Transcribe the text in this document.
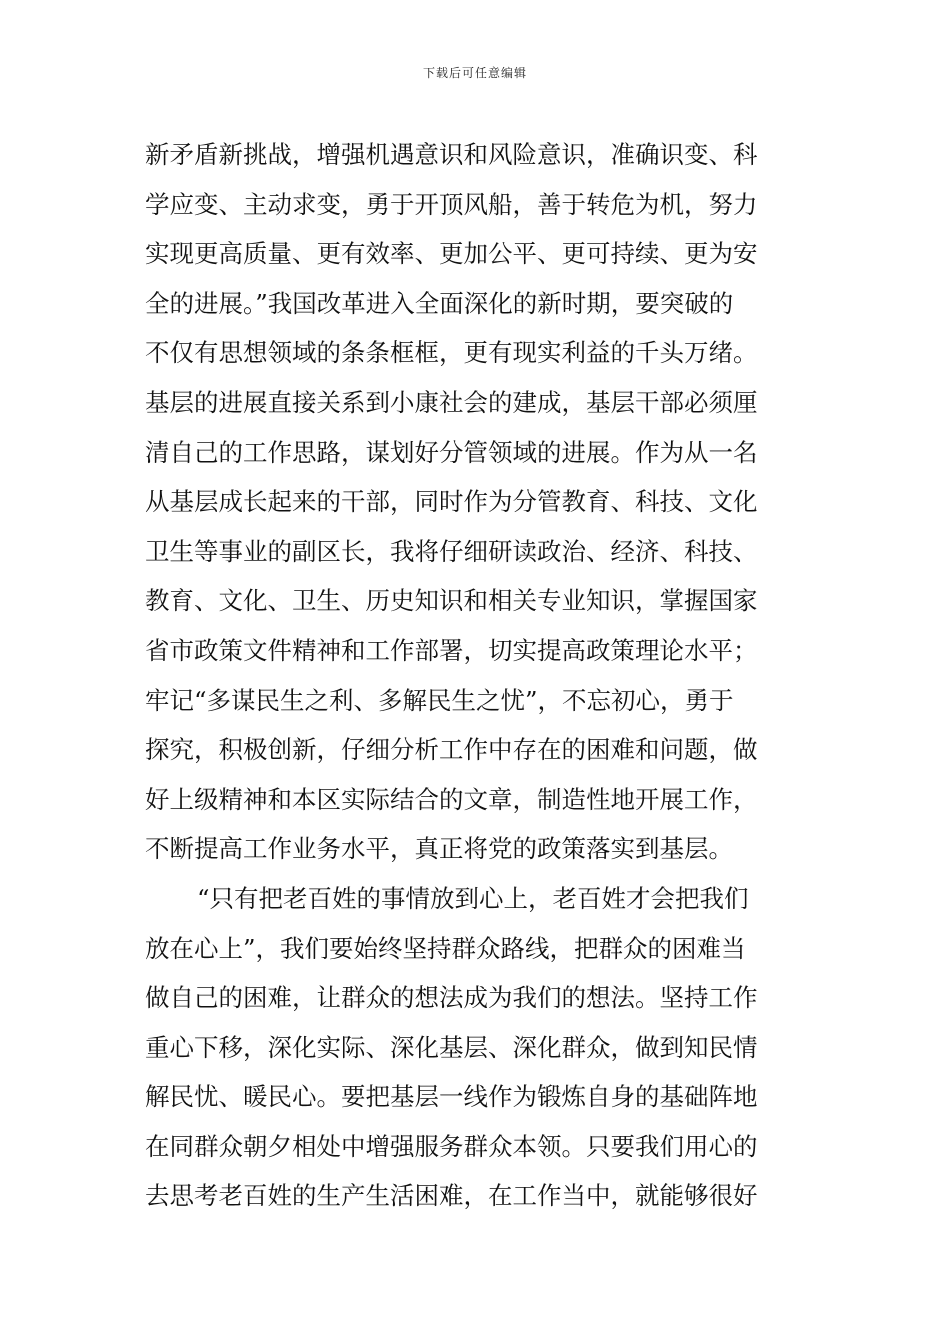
下载后可任意编辑
新矛盾新挑战，增强机遇意识和风险意识，准确识变、科
学应变、主动求变，勇于开顶风船，善于转危为机，努力
实现更高质量、更有效率、更加公平、更可持续、更为安
全的进展。”我国改革进入全面深化的新时期，要突破的
不仅有思想领域的条条框框，更有现实利益的千头万绪。
基层的进展直接关系到小康社会的建成，基层干部必须厘
清自己的工作思路，谋划好分管领域的进展。作为从一名
从基层成长起来的干部，同时作为分管教育、科技、文化
卫生等事业的副区长，我将仔细研读政治、经济、科技、
教育、文化、卫生、历史知识和相关专业知识，掌握国家
省市政策文件精神和工作部署，切实提高政策理论水平；
牢记“多谋民生之利、多解民生之忧”，不忘初心，勇于
探究，积极创新，仔细分析工作中存在的困难和问题，做
好上级精神和本区实际结合的文章，制造性地开展工作，
不断提高工作业务水平，真正将党的政策落实到基层。
“只有把老百姓的事情放到心上，老百姓才会把我们
放在心上”，我们要始终坚持群众路线，把群众的困难当
做自己的困难，让群众的想法成为我们的想法。坚持工作
重心下移，深化实际、深化基层、深化群众，做到知民情
解民忧、暖民心。要把基层一线作为锻炼自身的基础阵地
在同群众朝夕相处中增强服务群众本领。只要我们用心的
去思考老百姓的生产生活困难，在工作当中，就能够很好
